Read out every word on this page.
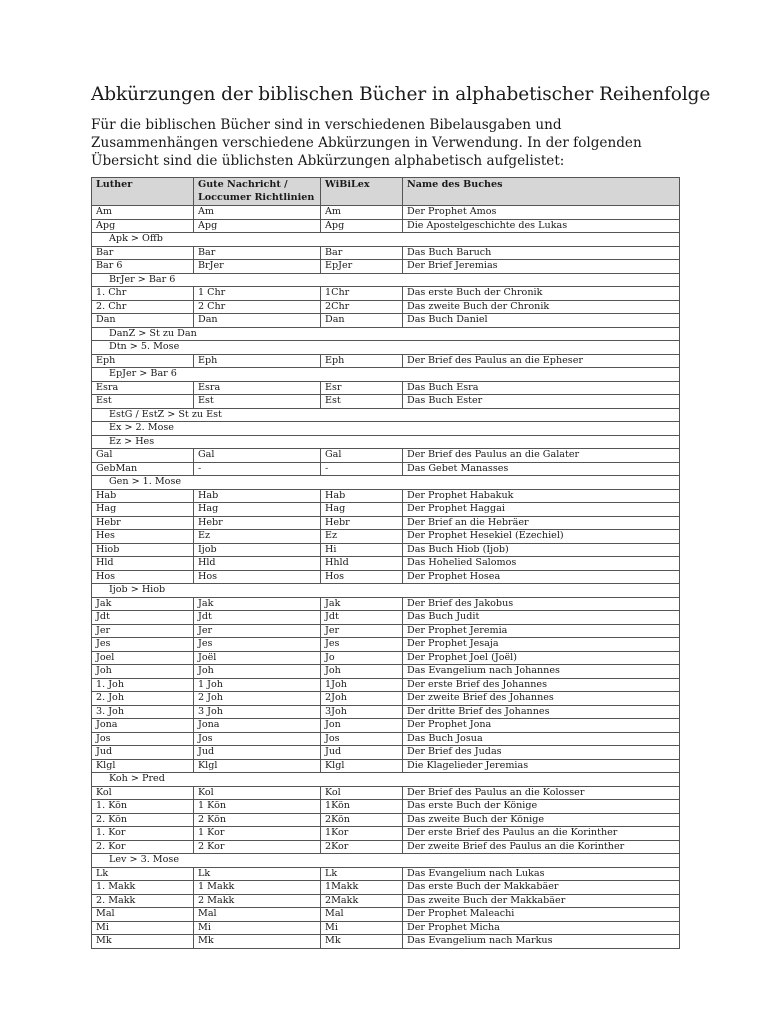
Abkürzungen der biblischen Bücher in alphabetischer Reihenfolge

Für die biblischen Bücher sind in verschiedenen Bibelausgaben und Zusammenhängen verschiedene Abkürzungen in Verwendung. In der folgenden Übersicht sind die üblichsten Abkürzungen alphabetisch aufgelistet:

Luther	Gute Nachricht / Loccumer Richtlinien	WiBiLex	Name des Buches
Am	Am	Am	Der Prophet Amos
Apg	Apg	Apg	Die Apostelgeschichte des Lukas
Apk > Offb			
Bar	Bar	Bar	Das Buch Baruch
Bar 6	BrJer	EpJer	Der Brief Jeremias
BrJer > Bar 6			
1. Chr	1 Chr	1Chr	Das erste Buch der Chronik
2. Chr	2 Chr	2Chr	Das zweite Buch der Chronik
Dan	Dan	Dan	Das Buch Daniel
DanZ > St zu Dan			
Dtn > 5. Mose			
Eph	Eph	Eph	Der Brief des Paulus an die Epheser
EpJer > Bar 6			
Esra	Esra	Esr	Das Buch Esra
Est	Est	Est	Das Buch Ester
EstG / EstZ > St zu Est			
Ex > 2. Mose			
Ez > Hes			
Gal	Gal	Gal	Der Brief des Paulus an die Galater
GebMan	-	-	Das Gebet Manasses
Gen > 1. Mose			
Hab	Hab	Hab	Der Prophet Habakuk
Hag	Hag	Hag	Der Prophet Haggai
Hebr	Hebr	Hebr	Der Brief an die Hebräer
Hes	Ez	Ez	Der Prophet Hesekiel (Ezechiel)
Hiob	Ijob	Hi	Das Buch Hiob (Ijob)
Hld	Hld	Hhld	Das Hohelied Salomos
Hos	Hos	Hos	Der Prophet Hosea
Ijob > Hiob			
Jak	Jak	Jak	Der Brief des Jakobus
Jdt	Jdt	Jdt	Das Buch Judit
Jer	Jer	Jer	Der Prophet Jeremia
Jes	Jes	Jes	Der Prophet Jesaja
Joel	Joël	Jo	Der Prophet Joel (Joël)
Joh	Joh	Joh	Das Evangelium nach Johannes
1. Joh	1 Joh	1Joh	Der erste Brief des Johannes
2. Joh	2 Joh	2Joh	Der zweite Brief des Johannes
3. Joh	3 Joh	3Joh	Der dritte Brief des Johannes
Jona	Jona	Jon	Der Prophet Jona
Jos	Jos	Jos	Das Buch Josua
Jud	Jud	Jud	Der Brief des Judas
Klgl	Klgl	Klgl	Die Klagelieder Jeremias
Koh > Pred			
Kol	Kol	Kol	Der Brief des Paulus an die Kolosser
1. Kön	1 Kön	1Kön	Das erste Buch der Könige
2. Kön	2 Kön	2Kön	Das zweite Buch der Könige
1. Kor	1 Kor	1Kor	Der erste Brief des Paulus an die Korinther
2. Kor	2 Kor	2Kor	Der zweite Brief des Paulus an die Korinther
Lev > 3. Mose			
Lk	Lk	Lk	Das Evangelium nach Lukas
1. Makk	1 Makk	1Makk	Das erste Buch der Makkabäer
2. Makk	2 Makk	2Makk	Das zweite Buch der Makkabäer
Mal	Mal	Mal	Der Prophet Maleachi
Mi	Mi	Mi	Der Prophet Micha
Mk	Mk	Mk	Das Evangelium nach Markus
